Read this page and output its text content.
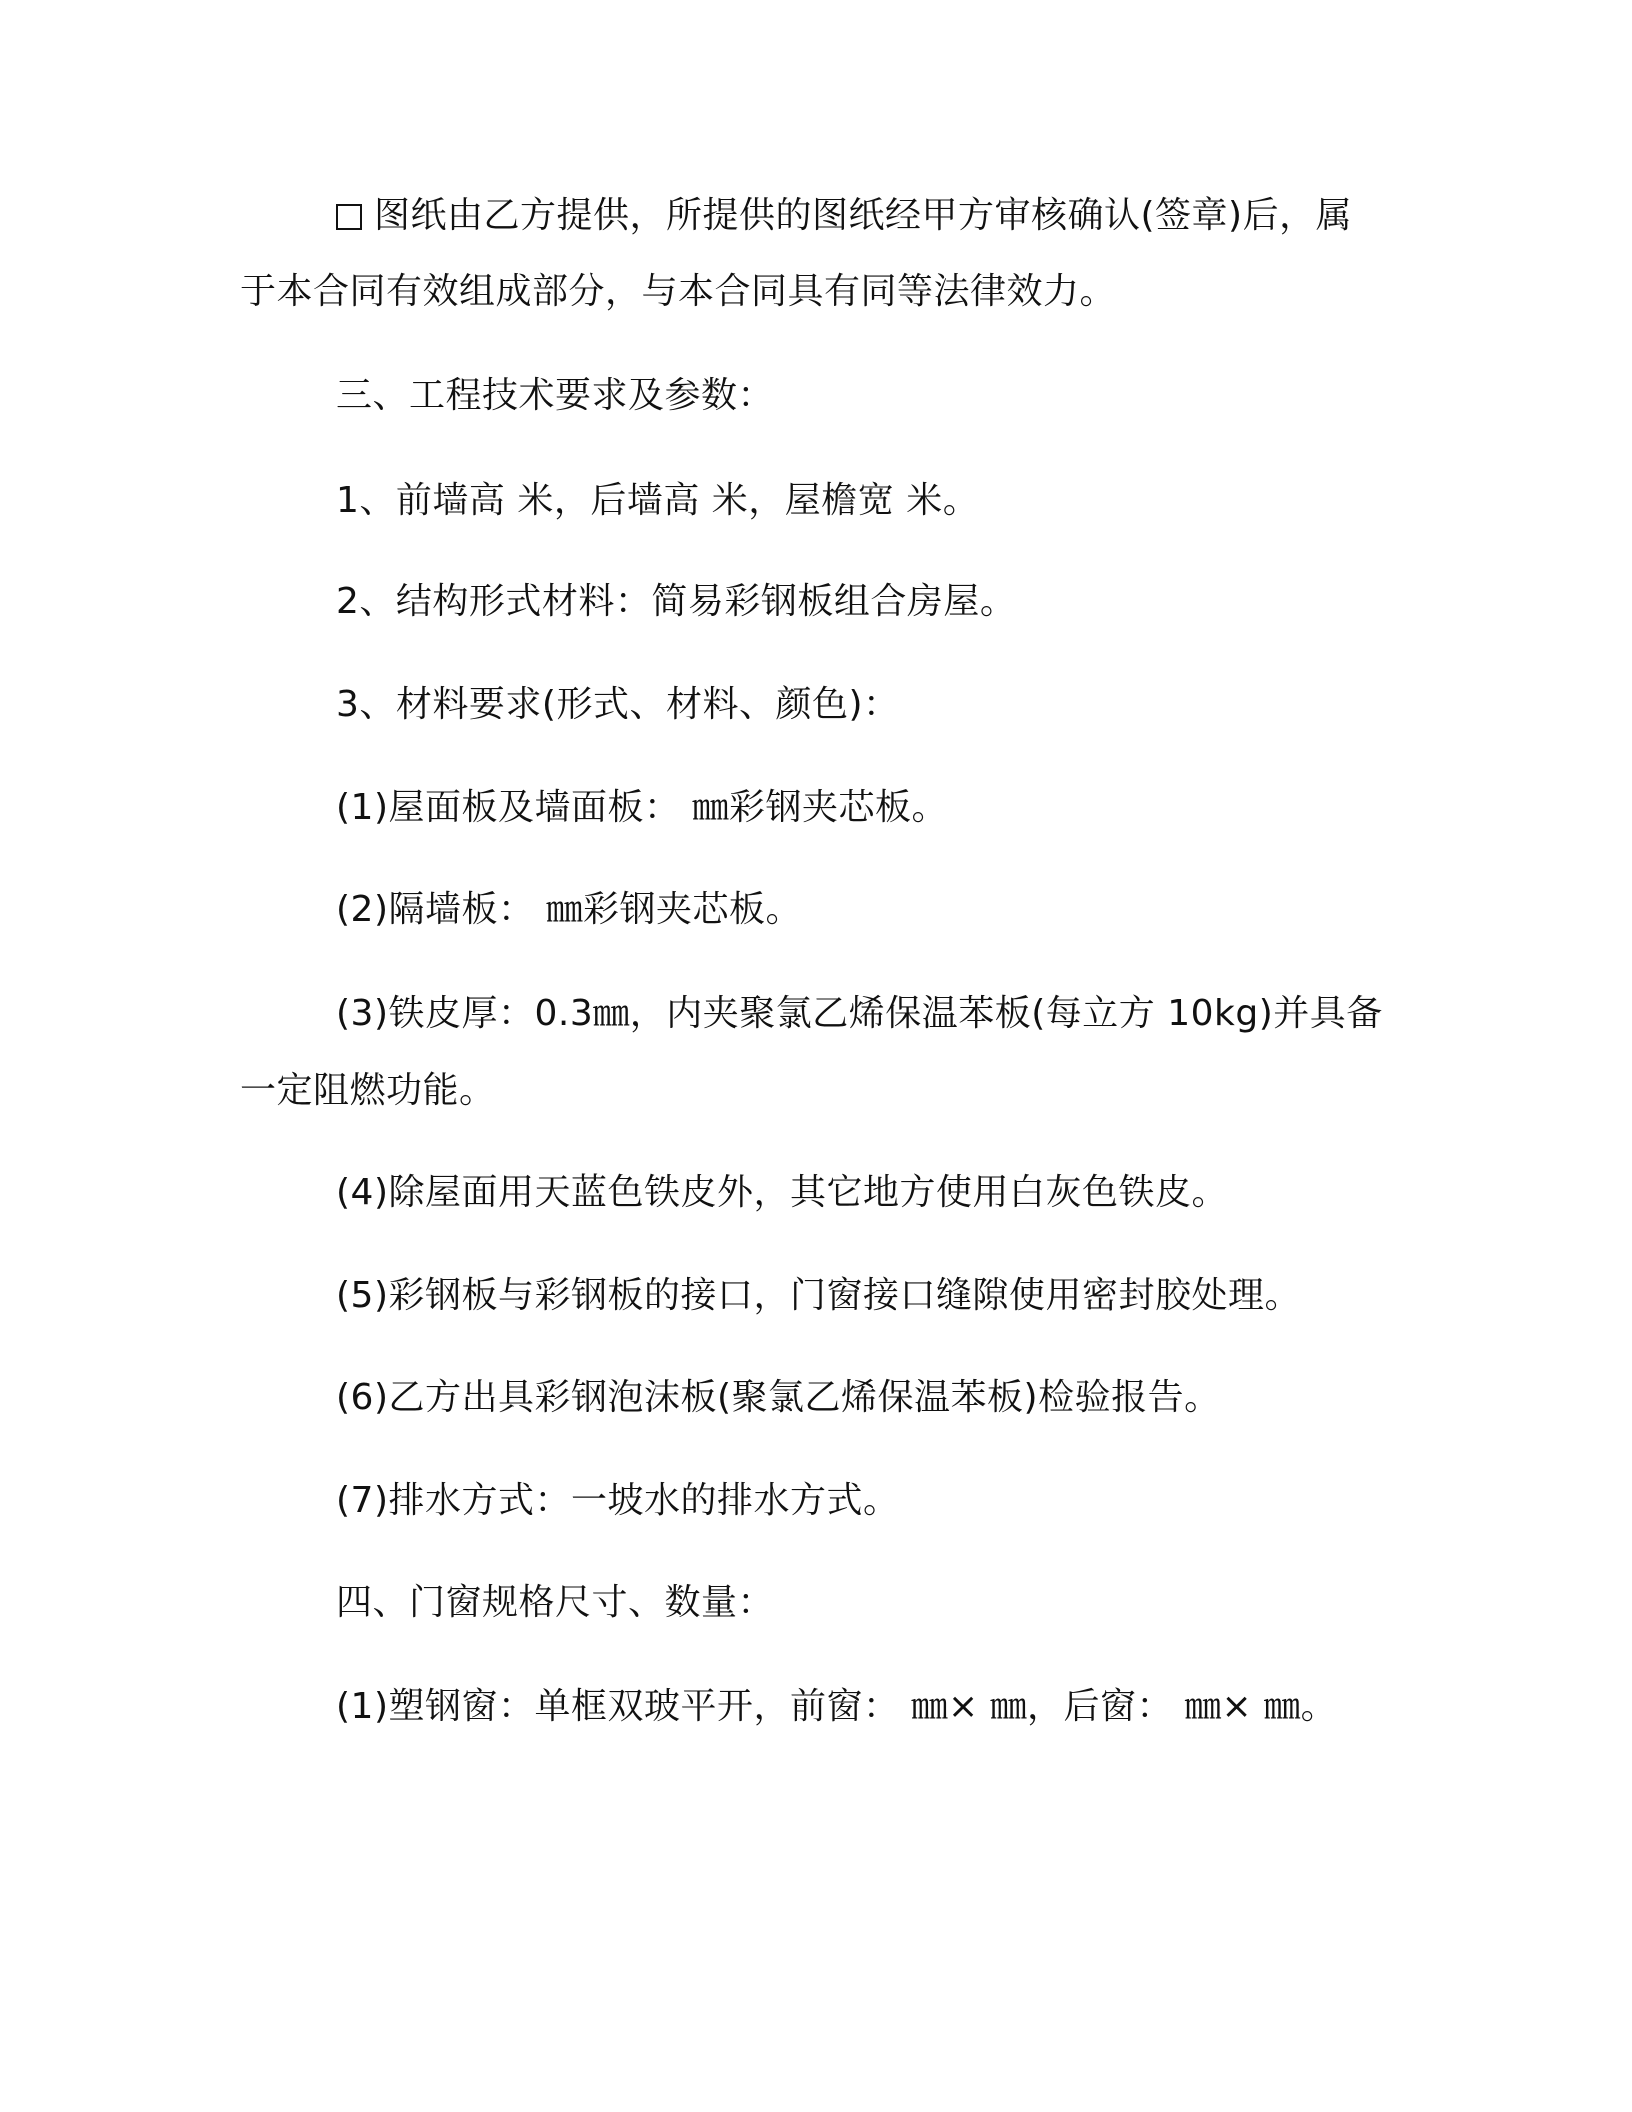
图纸由乙方提供，所提供的图纸经甲方审核确认(签章)后，属
于本合同有效组成部分，与本合同具有同等法律效力。
三、工程技术要求及参数：
1、前墙高 米，后墙高 米，屋檐宽 米。
2、结构形式材料：简易彩钢板组合房屋。
3、材料要求(形式、材料、颜色)：
(1)屋面板及墙面板： ㎜彩钢夹芯板。
(2)隔墙板： ㎜彩钢夹芯板。
(3)铁皮厚：0.3㎜，内夹聚氯乙烯保温苯板(每立方 10kg)并具备
一定阻燃功能。
(4)除屋面用天蓝色铁皮外，其它地方使用白灰色铁皮。
(5)彩钢板与彩钢板的接口，门窗接口缝隙使用密封胶处理。
(6)乙方出具彩钢泡沫板(聚氯乙烯保温苯板)检验报告。
(7)排水方式：一坡水的排水方式。
四、门窗规格尺寸、数量：
(1)塑钢窗：单框双玻平开，前窗： ㎜× ㎜，后窗： ㎜× ㎜。
